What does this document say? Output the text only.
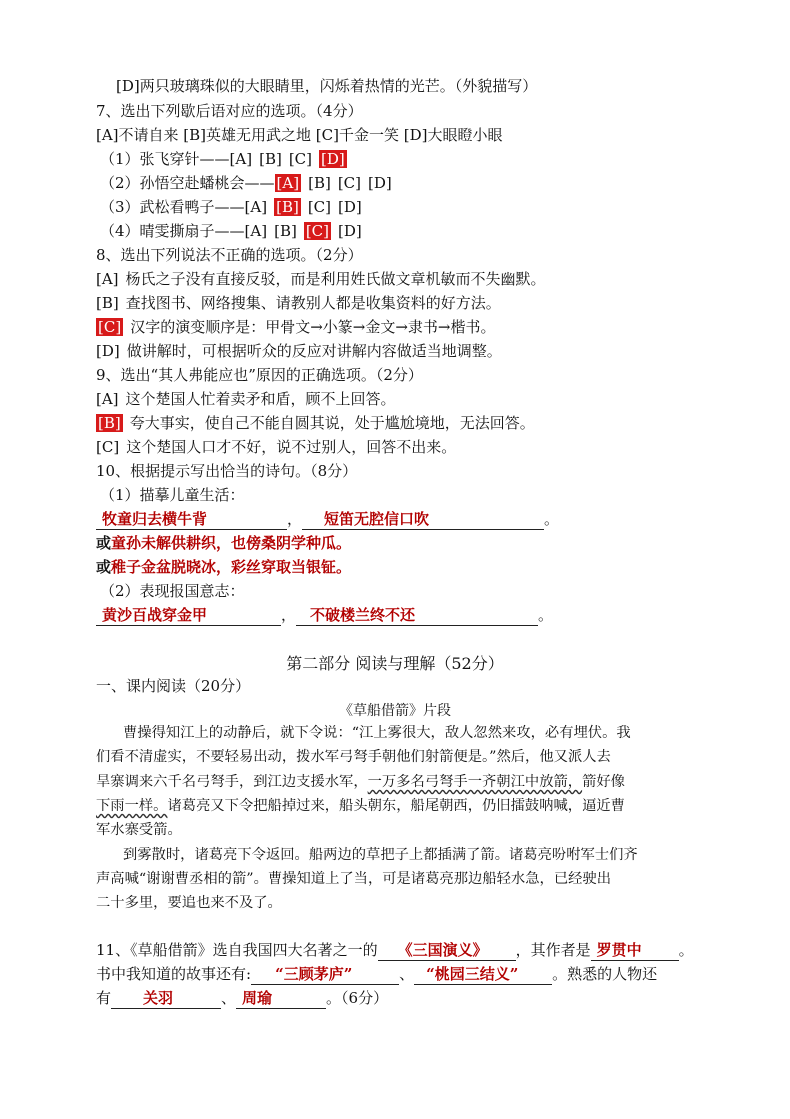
[D]两只玻璃珠似的大眼睛里，闪烁着热情的光芒。（外貌描写）
7、选出下列歇后语对应的选项。（4分）
[A]不请自来 [B]英雄无用武之地 [C]千金一笑 [D]大眼瞪小眼
（1）张飞穿针——[A] [B] [C] [D]
（2）孙悟空赴蟠桃会—— [A] [B] [C] [D]
（3）武松看鸭子——[A] [B] [C] [D]
（4）晴雯撕扇子——[A] [B] [C] [D]
8、选出下列说法不正确的选项。（2分）
[A] 杨氏之子没有直接反驳，而是利用姓氏做文章机敏而不失幽默。
[B] 查找图书、网络搜集、请教别人都是收集资料的好方法。
[C] 汉字的演变顺序是：甲骨文→小篆→金文→隶书→楷书。
[D] 做讲解时，可根据听众的反应对讲解内容做适当地调整。
9、选出“其人弗能应也”原因的正确选项。（2分）
[A] 这个楚国人忙着卖矛和盾，顾不上回答。
[B] 夸大事实，使自己不能自圆其说，处于尴尬境地，无法回答。
[C] 这个楚国人口才不好，说不过别人，回答不出来。
10、根据提示写出恰当的诗句。（8分）
（1）描摹儿童生活：
牧童归去横牛背	， 短笛无腔信口吹	。
或童孙未解供耕织，也傍桑阴学种瓜。
或稚子金盆脱晓冰，彩丝穿取当银钲。
（2）表现报国意志：
黄沙百战穿金甲	， 不破楼兰终不还	。
第二部分 阅读与理解（52分）
一、课内阅读（20分）
《草船借箭》片段
曹操得知江上的动静后，就下令说：“江上雾很大，敌人忽然来攻，必有埋伏。我
们看不清虚实，不要轻易出动，拨水军弓弩手朝他们射箭便是。”然后，他又派人去
旱寨调来六千名弓弩手，到江边支援水军，一万多名弓弩手一齐朝江中放箭，箭好像
下雨一样。诸葛亮又下令把船掉过来，船头朝东，船尾朝西，仍旧擂鼓呐喊，逼近曹
军水寨受箭。
到雾散时，诸葛亮下令返回。船两边的草把子上都插满了箭。诸葛亮吩咐军士们齐
声高喊“谢谢曹丞相的箭”。曹操知道上了当，可是诸葛亮那边船轻水急，已经驶出
二十多里，要追也来不及了。
11、《草船借箭》选自我国四大名著之一的 《三国演义》 ，其作者是 罗贯中 。
书中我知道的故事还有: “三顾茅庐”	、 “桃园三结义” 。熟悉的人物还
有 关羽	、 周瑜	。（6分）
